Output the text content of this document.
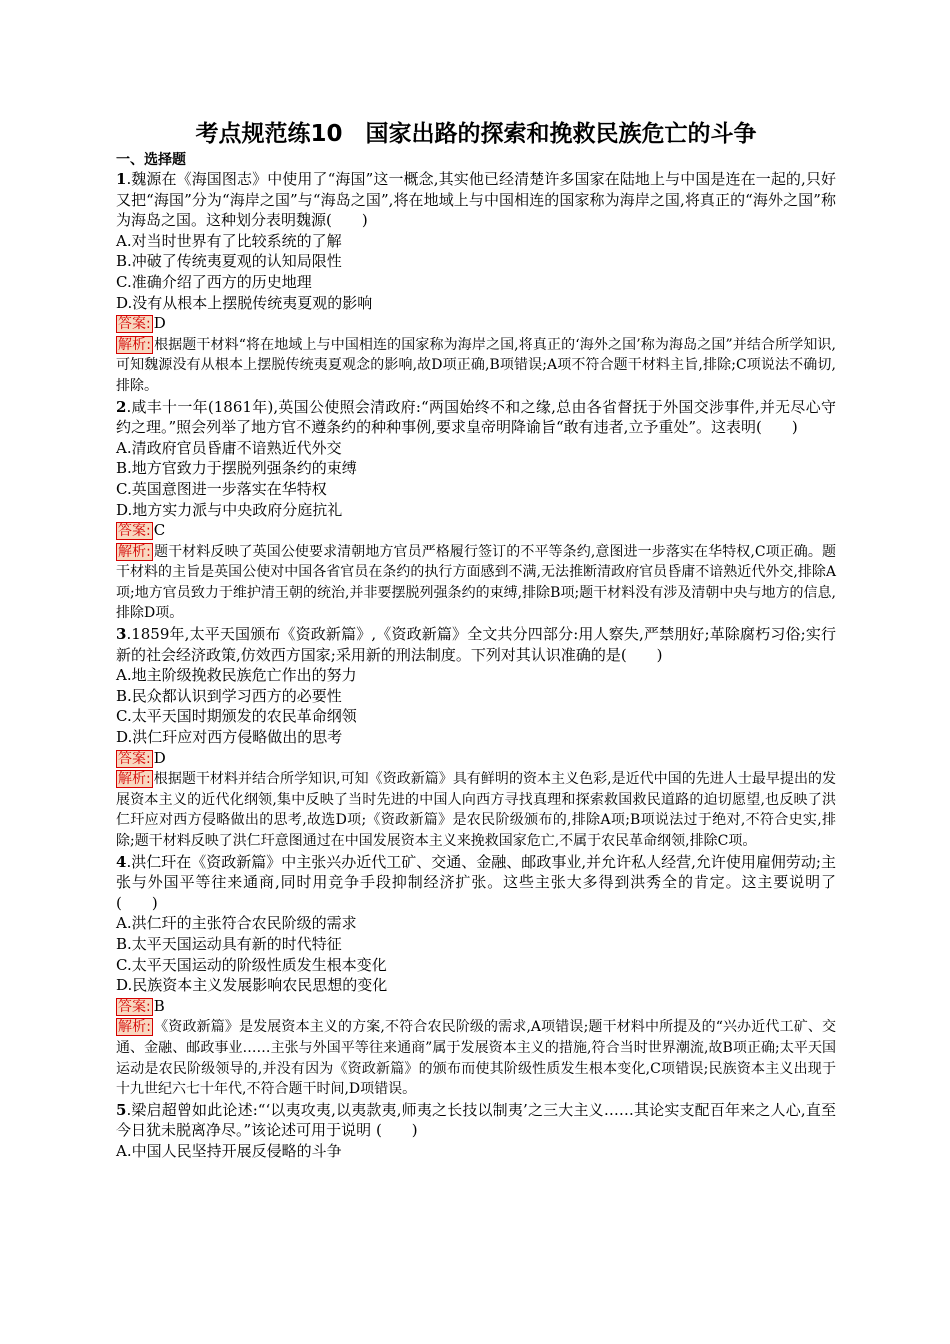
考点规范练10　国家出路的探索和挽救民族危亡的斗争
一、选择题
1.魏源在《海国图志》中使用了“海国”这一概念,其实他已经清楚许多国家在陆地上与中国是连在一起的,只好又把“海国”分为“海岸之国”与“海岛之国”,将在地域上与中国相连的国家称为海岸之国,将真正的“海外之国”称为海岛之国。这种划分表明魏源(　　)
A.对当时世界有了比较系统的了解
B.冲破了传统夷夏观的认知局限性
C.准确介绍了西方的历史地理
D.没有从根本上摆脱传统夷夏观的影响
答案: D
解析: 根据题干材料“将在地域上与中国相连的国家称为海岸之国,将真正的‘海外之国’称为海岛之国”并结合所学知识,可知魏源没有从根本上摆脱传统夷夏观念的影响,故D项正确,B项错误;A项不符合题干材料主旨,排除;C项说法不确切,排除。
2.咸丰十一年(1861年),英国公使照会清政府:“两国始终不和之缘,总由各省督抚于外国交涉事件,并无尽心守约之理。”照会列举了地方官不遵条约的种种事例,要求皇帝明降谕旨“敢有违者,立予重处”。这表明(　　)
A.清政府官员昏庸不谙熟近代外交
B.地方官致力于摆脱列强条约的束缚
C.英国意图进一步落实在华特权
D.地方实力派与中央政府分庭抗礼
答案: C
解析: 题干材料反映了英国公使要求清朝地方官员严格履行签订的不平等条约,意图进一步落实在华特权,C项正确。题干材料的主旨是英国公使对中国各省官员在条约的执行方面感到不满,无法推断清政府官员昏庸不谙熟近代外交,排除A项;地方官员致力于维护清王朝的统治,并非要摆脱列强条约的束缚,排除B项;题干材料没有涉及清朝中央与地方的信息,排除D项。
3.1859年,太平天国颁布《资政新篇》,《资政新篇》全文共分四部分:用人察失,严禁朋好;革除腐朽习俗;实行新的社会经济政策,仿效西方国家;采用新的刑法制度。下列对其认识准确的是(　　)
A.地主阶级挽救民族危亡作出的努力
B.民众都认识到学习西方的必要性
C.太平天国时期颁发的农民革命纲领
D.洪仁玕应对西方侵略做出的思考
答案: D
解析: 根据题干材料并结合所学知识,可知《资政新篇》具有鲜明的资本主义色彩,是近代中国的先进人士最早提出的发展资本主义的近代化纲领,集中反映了当时先进的中国人向西方寻找真理和探索救国救民道路的迫切愿望,也反映了洪仁玕应对西方侵略做出的思考,故选D项;《资政新篇》是农民阶级颁布的,排除A项;B项说法过于绝对,不符合史实,排除;题干材料反映了洪仁玕意图通过在中国发展资本主义来挽救国家危亡,不属于农民革命纲领,排除C项。
4.洪仁玕在《资政新篇》中主张兴办近代工矿、交通、金融、邮政事业,并允许私人经营,允许使用雇佣劳动;主张与外国平等往来通商,同时用竞争手段抑制经济扩张。这些主张大多得到洪秀全的肯定。这主要说明了(　　)
A.洪仁玕的主张符合农民阶级的需求
B.太平天国运动具有新的时代特征
C.太平天国运动的阶级性质发生根本变化
D.民族资本主义发展影响农民思想的变化
答案: B
解析: 《资政新篇》是发展资本主义的方案,不符合农民阶级的需求,A项错误;题干材料中所提及的“兴办近代工矿、交通、金融、邮政事业……主张与外国平等往来通商”属于发展资本主义的措施,符合当时世界潮流,故B项正确;太平天国运动是农民阶级领导的,并没有因为《资政新篇》的颁布而使其阶级性质发生根本变化,C项错误;民族资本主义出现于十九世纪六七十年代,不符合题干时间,D项错误。
5.梁启超曾如此论述:“‘以夷攻夷,以夷款夷,师夷之长技以制夷’之三大主义……其论实支配百年来之人心,直至今日犹未脱离净尽。”该论述可用于说明 (　　)
A.中国人民坚持开展反侵略的斗争
